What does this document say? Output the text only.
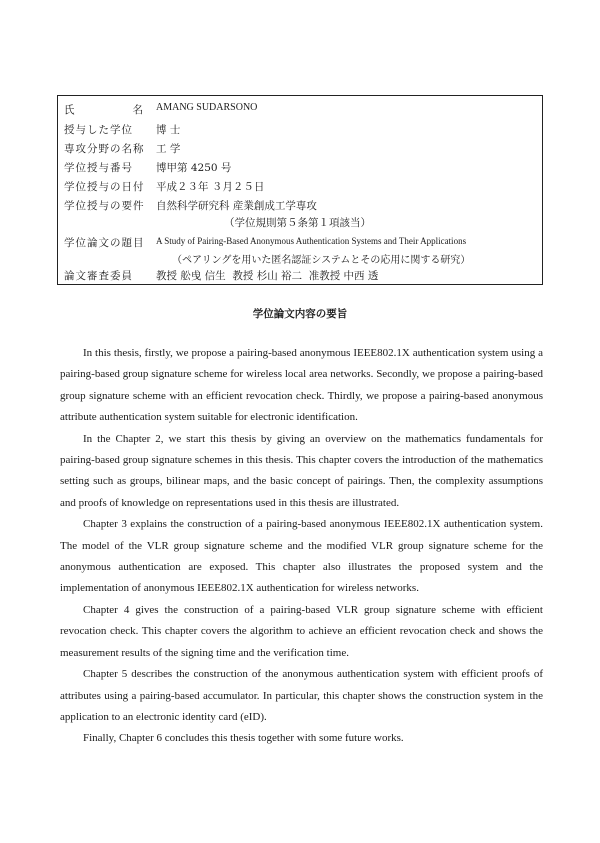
氏	名 AMANG SUDARSONO
授与した学位	博 士
専攻分野の名称	工 学
学位授与番号	博甲第 4250 号
学位授与の日付	平成２３年 ３月２５日
学位授与の要件	自然科学研究科 産業創成工学専攻
（学位規則第５条第１項該当）
学位論文の題目	A Study of Pairing-Based Anonymous Authentication Systems and Their Applications
（ペアリングを用いた匿名認証システムとその応用に関する研究）
論文審査委員	教授 舩曵 信生  教授 杉山 裕二  准教授 中西 透
学位論文内容の要旨

In this thesis, firstly, we propose a pairing-based anonymous IEEE802.1X authentication system using a pairing-based group signature scheme for wireless local area networks. Secondly, we propose a pairing-based group signature scheme with an efficient revocation check. Thirdly, we propose a pairing-based anonymous attribute authentication system suitable for electronic identification.

In the Chapter 2, we start this thesis by giving an overview on the mathematics fundamentals for pairing-based group signature schemes in this thesis. This chapter covers the introduction of the mathematics setting such as groups, bilinear maps, and the basic concept of pairings. Then, the complexity assumptions and proofs of knowledge on representations used in this thesis are illustrated.

Chapter 3 explains the construction of a pairing-based anonymous IEEE802.1X authentication system. The model of the VLR group signature scheme and the modified VLR group signature scheme for the anonymous authentication are exposed. This chapter also illustrates the proposed system and the implementation of anonymous IEEE802.1X authentication for wireless networks.

Chapter 4 gives the construction of a pairing-based VLR group signature scheme with efficient revocation check. This chapter covers the algorithm to achieve an efficient revocation check and shows the measurement results of the signing time and the verification time.

Chapter 5 describes the construction of the anonymous authentication system with efficient proofs of attributes using a pairing-based accumulator. In particular, this chapter shows the construction system in the application to an electronic identity card (eID).

Finally, Chapter 6 concludes this thesis together with some future works.
